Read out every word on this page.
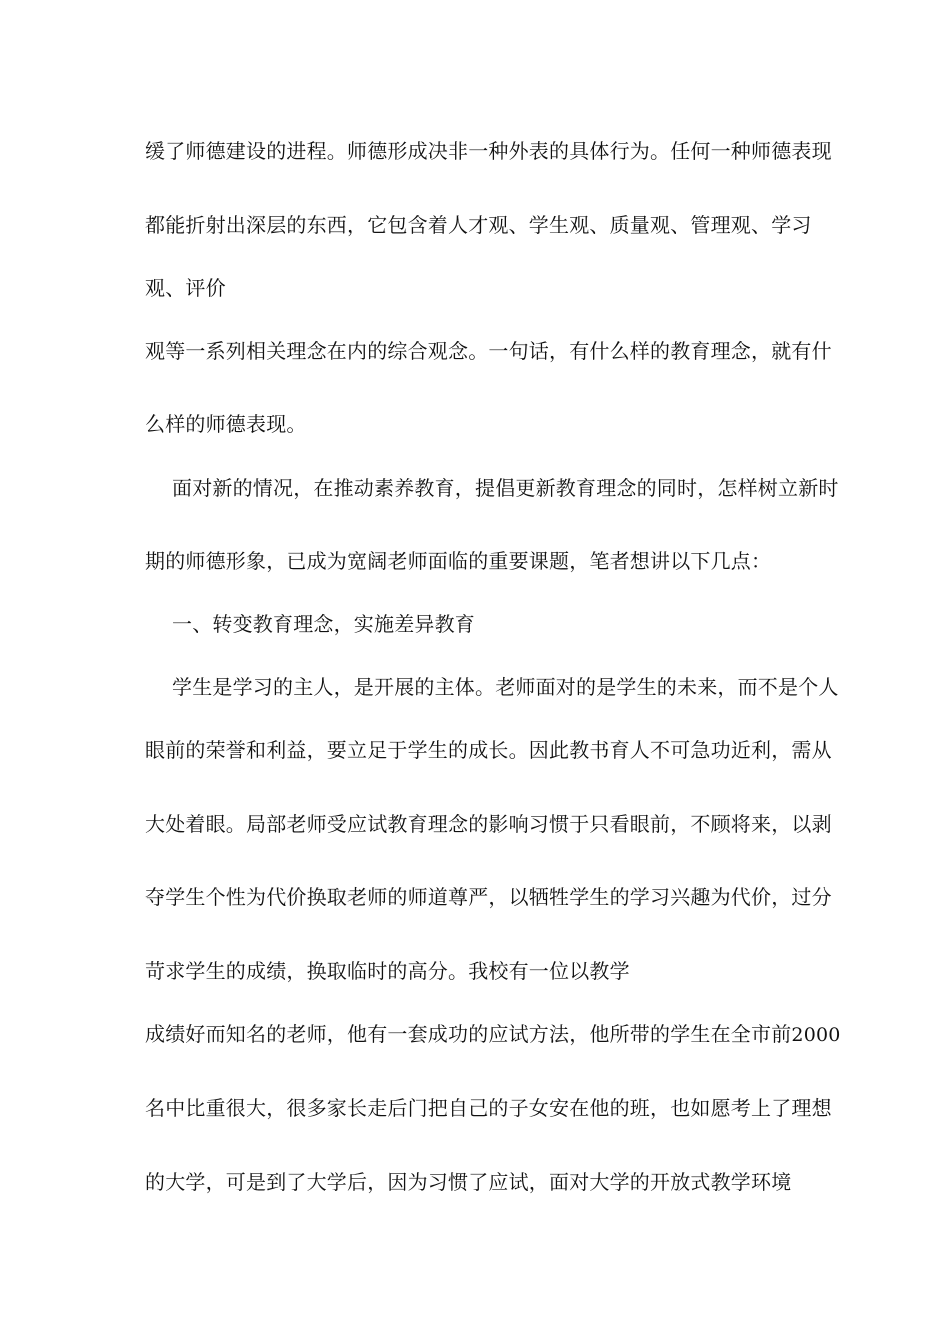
缓了师德建设的进程。师德形成决非一种外表的具体行为。任何一种师德表现
都能折射出深层的东西，它包含着人才观、学生观、质量观、管理观、学习
观、评价
观等一系列相关理念在内的综合观念。一句话，有什么样的教育理念，就有什
么样的师德表现。
面对新的情况，在推动素养教育，提倡更新教育理念的同时，怎样树立新时
期的师德形象，已成为宽阔老师面临的重要课题，笔者想讲以下几点：
一、转变教育理念，实施差异教育
学生是学习的主人，是开展的主体。老师面对的是学生的未来，而不是个人
眼前的荣誉和利益，要立足于学生的成长。因此教书育人不可急功近利，需从
大处着眼。局部老师受应试教育理念的影响习惯于只看眼前，不顾将来，以剥
夺学生个性为代价换取老师的师道尊严，以牺牲学生的学习兴趣为代价，过分
苛求学生的成绩，换取临时的高分。我校有一位以教学
成绩好而知名的老师，他有一套成功的应试方法，他所带的学生在全市前2000
名中比重很大，很多家长走后门把自己的子女安在他的班，也如愿考上了理想
的大学，可是到了大学后，因为习惯了应试，面对大学的开放式教学环境
